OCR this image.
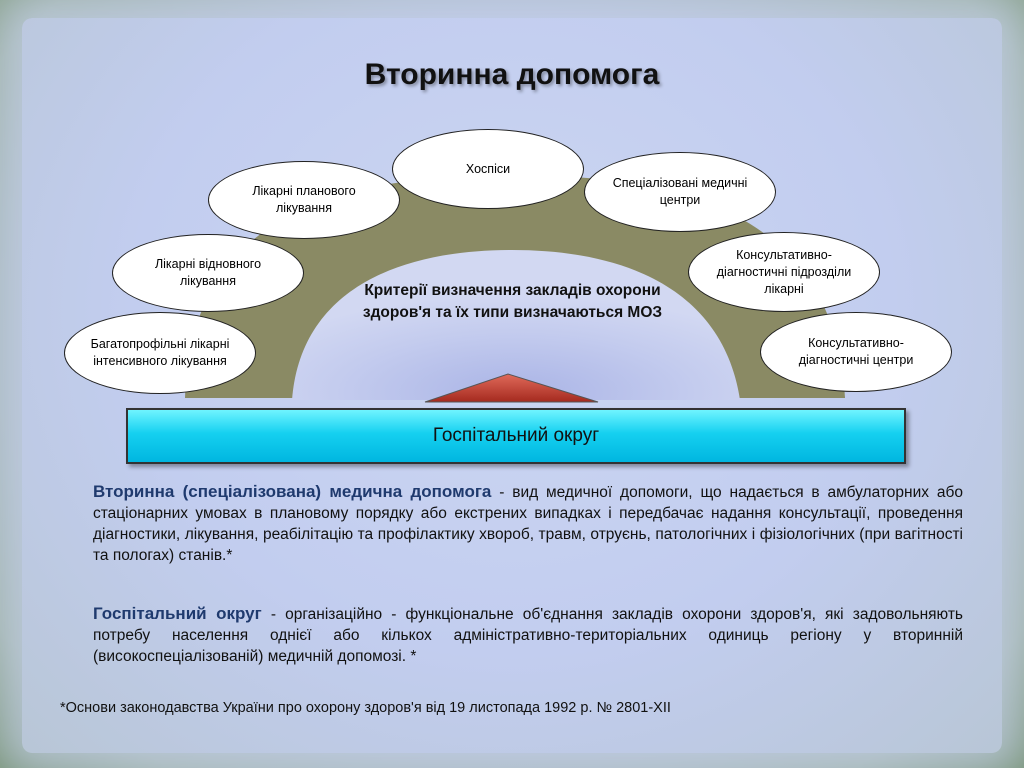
Вторинна допомога
Багатопрофільні лікарні інтенсивного лікування
Лікарні відновного лікування
Лікарні планового лікування
Хоспіси
Спеціалізовані медичні центри
Консультативно-діагностичні підрозділи лікарні
Консультативно-діагностичні центри
Критерії визначення закладів охорони здоров'я та їх типи визначаються МОЗ
Госпітальний округ
Вторинна (спеціалізована) медична допомога - вид медичної допомоги, що надається в амбулаторних або стаціонарних умовах в плановому порядку або екстрених випадках і передбачає надання консультації, проведення діагностики, лікування, реабілітацію та профілактику хвороб, травм, отруєнь, патологічних і фізіологічних (при вагітності та пологах) станів.*
Госпітальний округ - організаційно - функціональне об'єднання закладів охорони здоров'я, які задовольняють потребу населення однієї або кількох адміністративно-територіальних одиниць регіону у вторинній (високоспеціалізованій) медичній допомозі. *
*Основи законодавства України про охорону здоров'я від 19 листопада 1992 р. № 2801-XII
